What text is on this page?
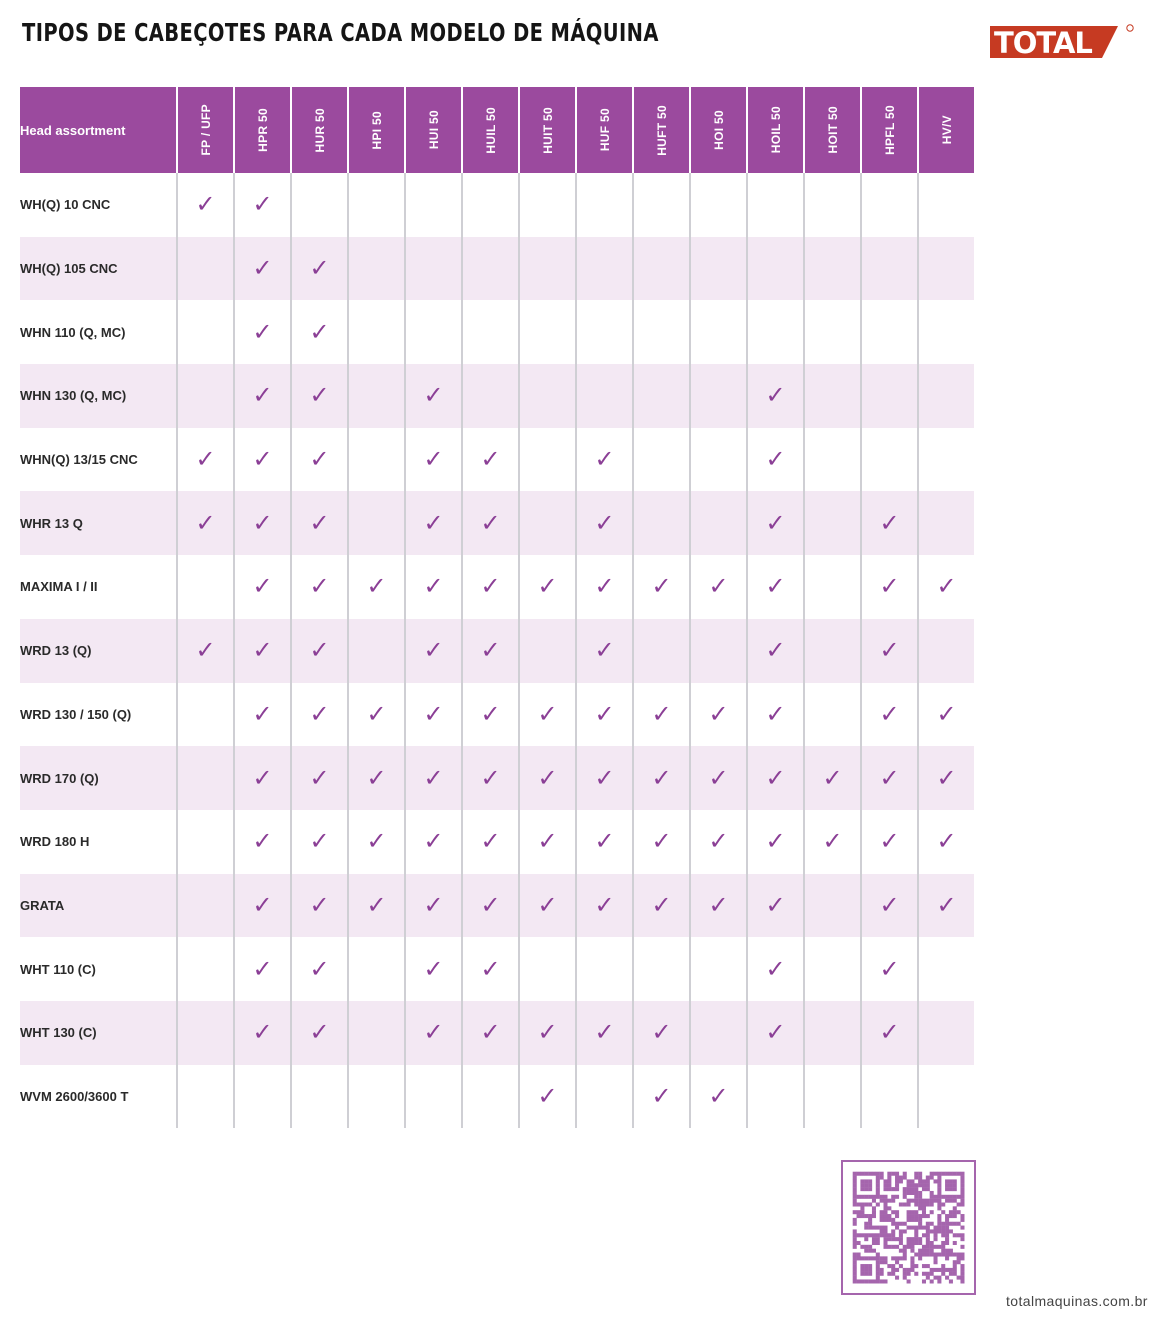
TIPOS DE CABEÇOTES PARA CADA MODELO DE MÁQUINA	TOTAL
Head assortment	FP / UFP	HPR 50	HUR 50	HPI 50	HUI 50	HUIL 50	HUIT 50	HUF 50	HUFT 50	HOI 50	HOIL 50	HOIT 50	HPFL 50	HV/V

WH(Q) 10 CNC	✓	✓												
WH(Q) 105 CNC		✓	✓											
WHN 110 (Q, MC)		✓	✓											
WHN 130 (Q, MC)		✓	✓		✓						✓			
WHN(Q) 13/15 CNC	✓	✓	✓		✓	✓		✓			✓			
WHR 13 Q	✓	✓	✓		✓	✓		✓			✓		✓	
MAXIMA I / II		✓	✓	✓	✓	✓	✓	✓	✓	✓	✓		✓	✓
WRD 13 (Q)	✓	✓	✓		✓	✓		✓			✓		✓	
WRD 130 / 150 (Q)		✓	✓	✓	✓	✓	✓	✓	✓	✓	✓		✓	✓
WRD 170 (Q)		✓	✓	✓	✓	✓	✓	✓	✓	✓	✓	✓	✓	✓
WRD 180 H		✓	✓	✓	✓	✓	✓	✓	✓	✓	✓	✓	✓	✓
GRATA		✓	✓	✓	✓	✓	✓	✓	✓	✓	✓		✓	✓
WHT 110 (C)		✓	✓		✓	✓					✓		✓	
WHT 130 (C)		✓	✓		✓	✓	✓	✓	✓		✓		✓	
WVM 2600/3600 T							✓		✓	✓				
totalmaquinas.com.br
